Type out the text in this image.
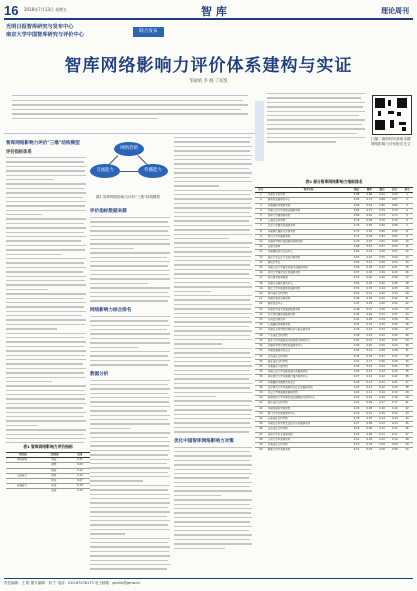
16 2018年7月13日 星期五	智 库	理论周刊
光明日报智库研究与发布中心
南京大学中国智库研究与评价中心
联合发布
智库网络影响力评价体系建构与实证
邹丽娟 李 刚 丁炫凯
扫描二维码即可获取本期网络影响力评价报告全文
智库网络影响力评价"三维"结构模型
评价指标体系
网络营销
交流能力	传播能力
图1 智库网络影响力评价"三维"结构模型
评价指标数据来源
网络影响力综合排名
数据分析
优化中国智库网络影响力对策
表1 智库网络影响力评价指标
一级指标	二级指标	权重
网络营销	网站	0.31
	微博	0.08
	微信	0.12
交流能力	回复	0.14
	评论	0.07
传播能力	转发	0.18
	阅读	0.10
表2 部分智库网络影响力指标排名
序号	智库名称	网站	微博	微信	综合	排名
1	中国社会科学院	0.98	0.86	0.91	0.93	1
2	国务院发展研究中心	0.95	0.72	0.88	0.87	2
3	中国国际问题研究院	0.90	0.64	0.80	0.80	3
4	中国人民大学重阳金融研究院	0.82	0.77	0.79	0.79	4
5	清华大学国情研究院	0.80	0.61	0.74	0.73	5
6	上海社会科学院	0.78	0.58	0.70	0.70	6
7	北京大学国家发展研究院	0.76	0.55	0.69	0.68	7
8	中国现代国际关系研究院	0.74	0.50	0.66	0.65	8
9	复旦大学中国研究院	0.71	0.49	0.63	0.62	9
10	中国科学院科技战略咨询研究院	0.70	0.45	0.61	0.60	10
11	全球化智库	0.68	0.52	0.57	0.59	11
12	中国国际经济交流中心	0.66	0.44	0.58	0.57	12
13	南京大学长江产业经济研究院	0.63	0.41	0.55	0.54	13
14	察哈尔学会	0.60	0.47	0.50	0.53	14
15	中国人民大学国家发展与战略研究院	0.59	0.38	0.52	0.51	15
16	武汉大学国家文化发展研究院	0.57	0.36	0.49	0.49	16
17	零点研究咨询集团	0.55	0.40	0.46	0.48	17
18	中国与全球化研究中心	0.54	0.35	0.45	0.46	18
19	浙江大学中国西部发展研究院	0.52	0.33	0.44	0.45	19
20	四川省社会科学院	0.50	0.31	0.42	0.43	20
21	中国宏观经济研究院	0.49	0.30	0.41	0.42	21
22	国家信息中心	0.47	0.29	0.40	0.40	22
23	中国科学技术发展战略研究院	0.46	0.27	0.38	0.39	23
24	中央党校国际战略研究院	0.44	0.26	0.37	0.37	24
25	天则经济研究所	0.43	0.28	0.34	0.36	25
26	上海国际问题研究院	0.41	0.24	0.35	0.35	26
27	中国社会科学院世界经济与政治研究所	0.40	0.23	0.33	0.34	27
28	广东省社会科学院	0.38	0.22	0.32	0.32	28
29	南开大学中国政府与政策联合研究中心	0.37	0.21	0.30	0.31	29
30	中国科学院可持续发展研究中心	0.35	0.20	0.29	0.29	30
31	中国发展研究基金会	0.34	0.19	0.28	0.28	31
32	江苏省社会科学院	0.33	0.18	0.27	0.27	32
33	湖北省社会科学院	0.31	0.17	0.26	0.26	33
34	中国浦东干部学院	0.30	0.16	0.24	0.25	34
35	中国人民大学首都发展与战略研究院	0.29	0.15	0.23	0.24	35
36	华东师范大学中国现代城市研究中心	0.27	0.14	0.22	0.22	36
37	中国国际问题研究基金会	0.26	0.13	0.21	0.21	37
38	北京师范大学中国教育与社会发展研究院	0.25	0.12	0.20	0.20	38
39	中山大学粤港澳发展研究院	0.24	0.11	0.19	0.19	39
40	西南财经大学中国家庭金融调查与研究中心	0.22	0.10	0.18	0.18	40
41	浙江省社会科学院	0.21	0.09	0.17	0.17	41
42	中国铁道科学研究院	0.20	0.08	0.16	0.16	42
43	厦门大学东南亚研究中心	0.19	0.07	0.15	0.15	43
44	云南省社会科学院	0.18	0.07	0.14	0.14	44
45	中国农业科学院农业经济与发展研究所	0.17	0.06	0.13	0.13	45
46	山东省社会科学院	0.16	0.05	0.12	0.12	46
47	吉林大学东北亚研究院	0.15	0.05	0.11	0.11	47
48	兰州大学中亚研究所	0.14	0.04	0.10	0.10	48
49	河南省社会科学院	0.13	0.04	0.09	0.09	49
50	新疆大学中亚研究院	0.12	0.03	0.08	0.08	50
责任编辑：王 彬 图片编辑：刘 宁 电话：010-67078175 电子邮箱：gmllrk@gmw.cn
